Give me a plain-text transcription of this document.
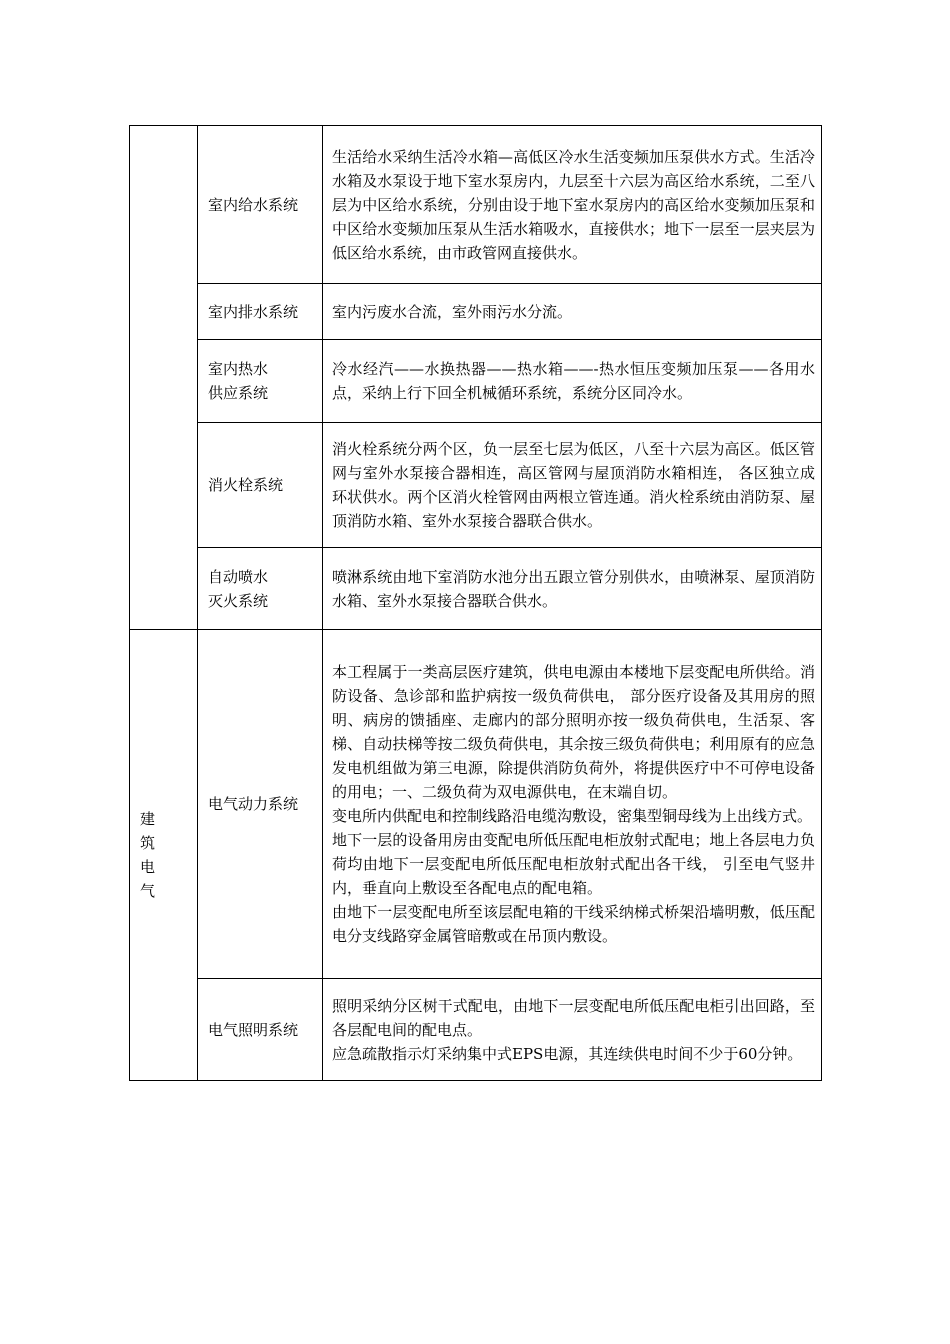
	室内给水系统	生活给水采纳生活冷水箱—高低区冷水生活变频加压泵供水方式。生活冷水箱及水泵设于地下室水泵房内，九层至十六层为高区给水系统，二至八层为中区给水系统，分别由设于地下室水泵房内的高区给水变频加压泵和中区给水变频加压泵从生活水箱吸水，直接供水；地下一层至一层夹层为低区给水系统，由市政管网直接供水。

	室内排水系统	室内污废水合流，室外雨污水分流。

	室内热水
供应系统	冷水经汽——水换热器——热水箱——-热水恒压变频加压泵——各用水点，采纳上行下回全机械循环系统，系统分区同冷水。

	消火栓系统	消火栓系统分两个区，负一层至七层为低区，八至十六层为高区。低区管网与室外水泵接合器相连，高区管网与屋顶消防水箱相连， 各区独立成环状供水。两个区消火栓管网由两根立管连通。消火栓系统由消防泵、屋顶消防水箱、室外水泵接合器联合供水。

	自动喷水
灭火系统	喷淋系统由地下室消防水池分出五跟立管分别供水，由喷淋泵、屋顶消防水箱、室外水泵接合器联合供水。

建筑电气	电气动力系统	本工程属于一类高层医疗建筑，供电电源由本楼地下层变配电所供给。消防设备、急诊部和监护病按一级负荷供电， 部分医疗设备及其用房的照明、病房的馈插座、走廊内的部分照明亦按一级负荷供电，生活泵、客梯、自动扶梯等按二级负荷供电，其余按三级负荷供电；利用原有的应急发电机组做为第三电源，除提供消防负荷外，将提供医疗中不可停电设备的用电；一、二级负荷为双电源供电，在末端自切。

变电所内供配电和控制线路沿电缆沟敷设，密集型铜母线为上出线方式。

地下一层的设备用房由变配电所低压配电柜放射式配电；地上各层电力负荷均由地下一层变配电所低压配电柜放射式配出各干线， 引至电气竖井内，垂直向上敷设至各配电点的配电箱。

由地下一层变配电所至该层配电箱的干线采纳梯式桥架沿墙明敷，低压配电分支线路穿金属管暗敷或在吊顶内敷设。

	电气照明系统	照明采纳分区树干式配电，由地下一层变配电所低压配电柜引出回路，至各层配电间的配电点。

应急疏散指示灯采纳集中式EPS电源，其连续供电时间不少于60分钟。
